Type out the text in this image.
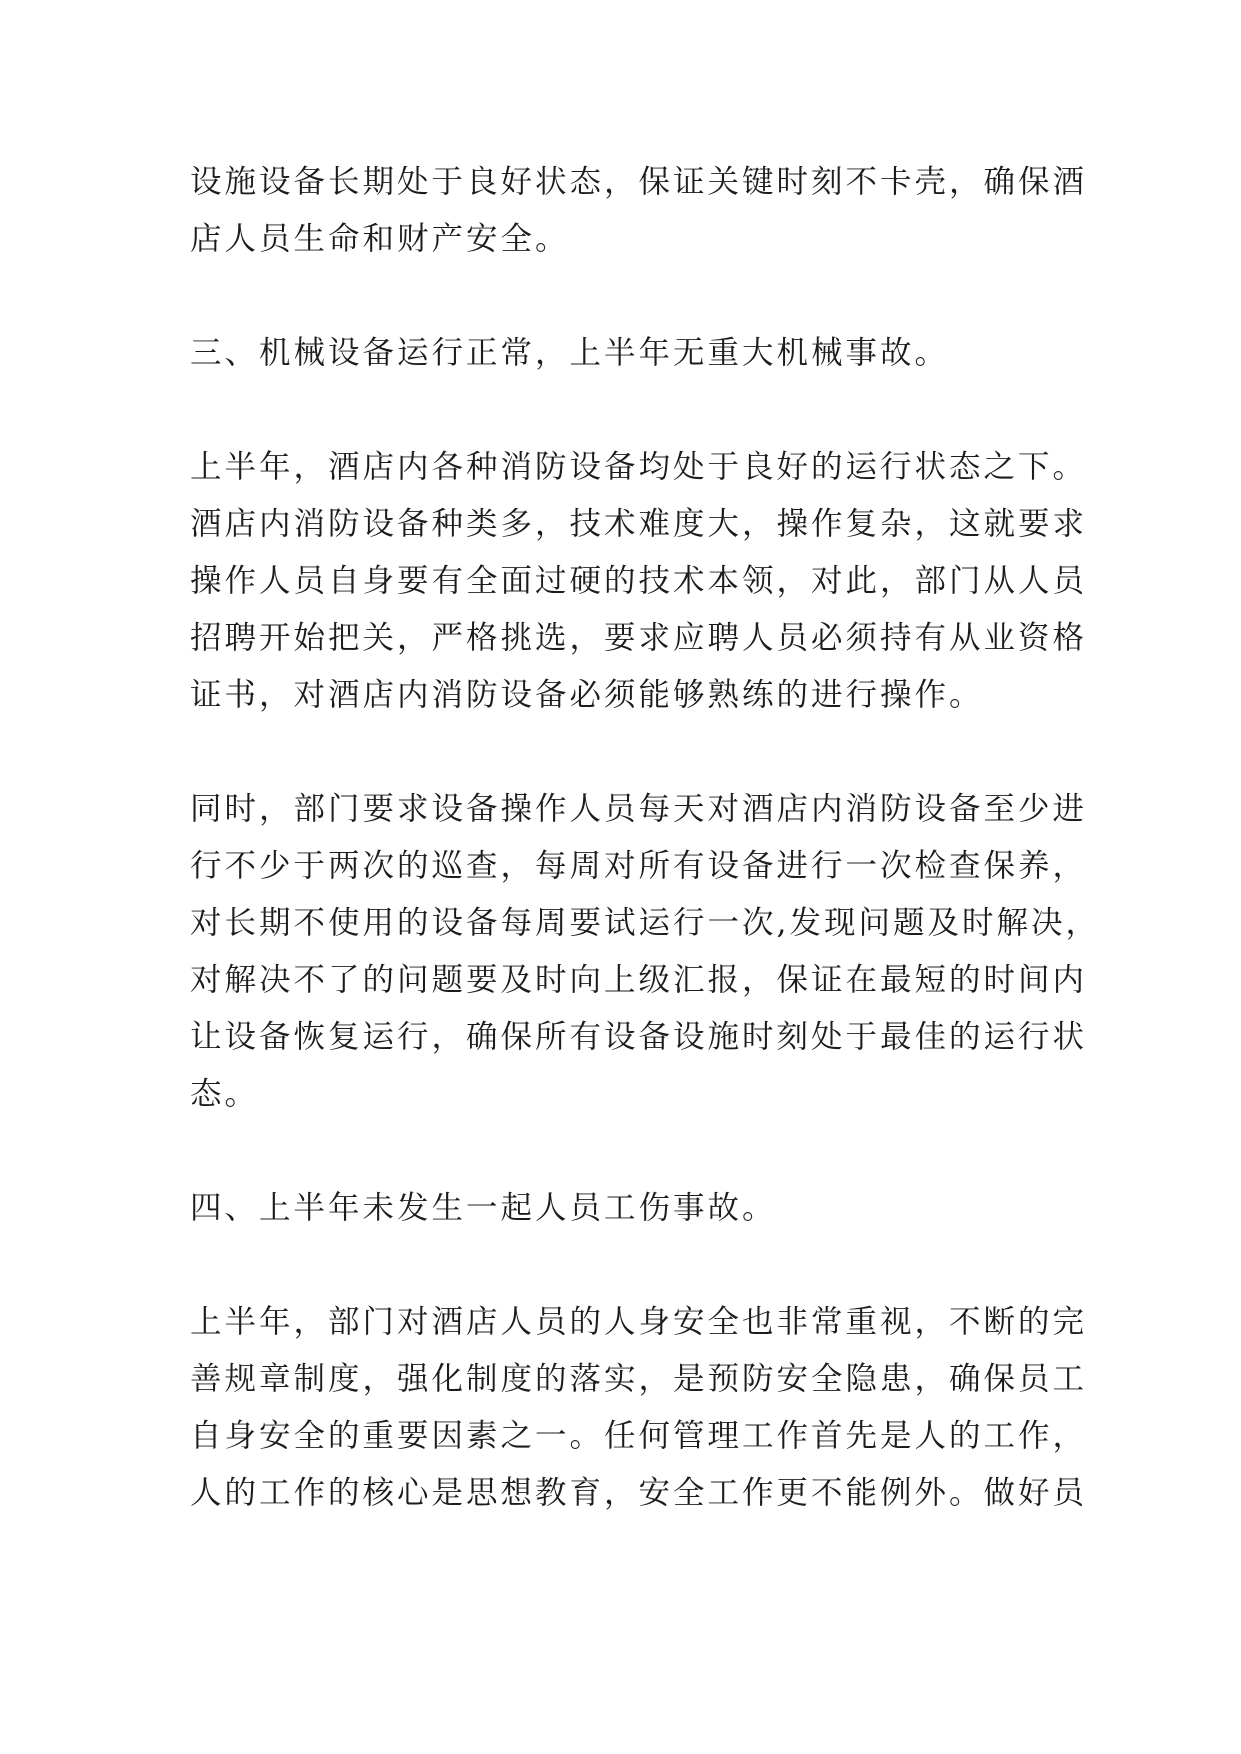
设施设备长期处于良好状态，保证关键时刻不卡壳，确保酒
店人员生命和财产安全。

三、机械设备运行正常，上半年无重大机械事故。

上半年，酒店内各种消防设备均处于良好的运行状态之下。
酒店内消防设备种类多，技术难度大，操作复杂，这就要求
操作人员自身要有全面过硬的技术本领，对此，部门从人员
招聘开始把关，严格挑选，要求应聘人员必须持有从业资格
证书，对酒店内消防设备必须能够熟练的进行操作。

同时，部门要求设备操作人员每天对酒店内消防设备至少进
行不少于两次的巡查，每周对所有设备进行一次检查保养，
对长期不使用的设备每周要试运行一次,发现问题及时解决，
对解决不了的问题要及时向上级汇报，保证在最短的时间内
让设备恢复运行，确保所有设备设施时刻处于最佳的运行状
态。

四、上半年未发生一起人员工伤事故。

上半年，部门对酒店人员的人身安全也非常重视，不断的完
善规章制度，强化制度的落实，是预防安全隐患，确保员工
自身安全的重要因素之一。任何管理工作首先是人的工作，
人的工作的核心是思想教育，安全工作更不能例外。做好员
